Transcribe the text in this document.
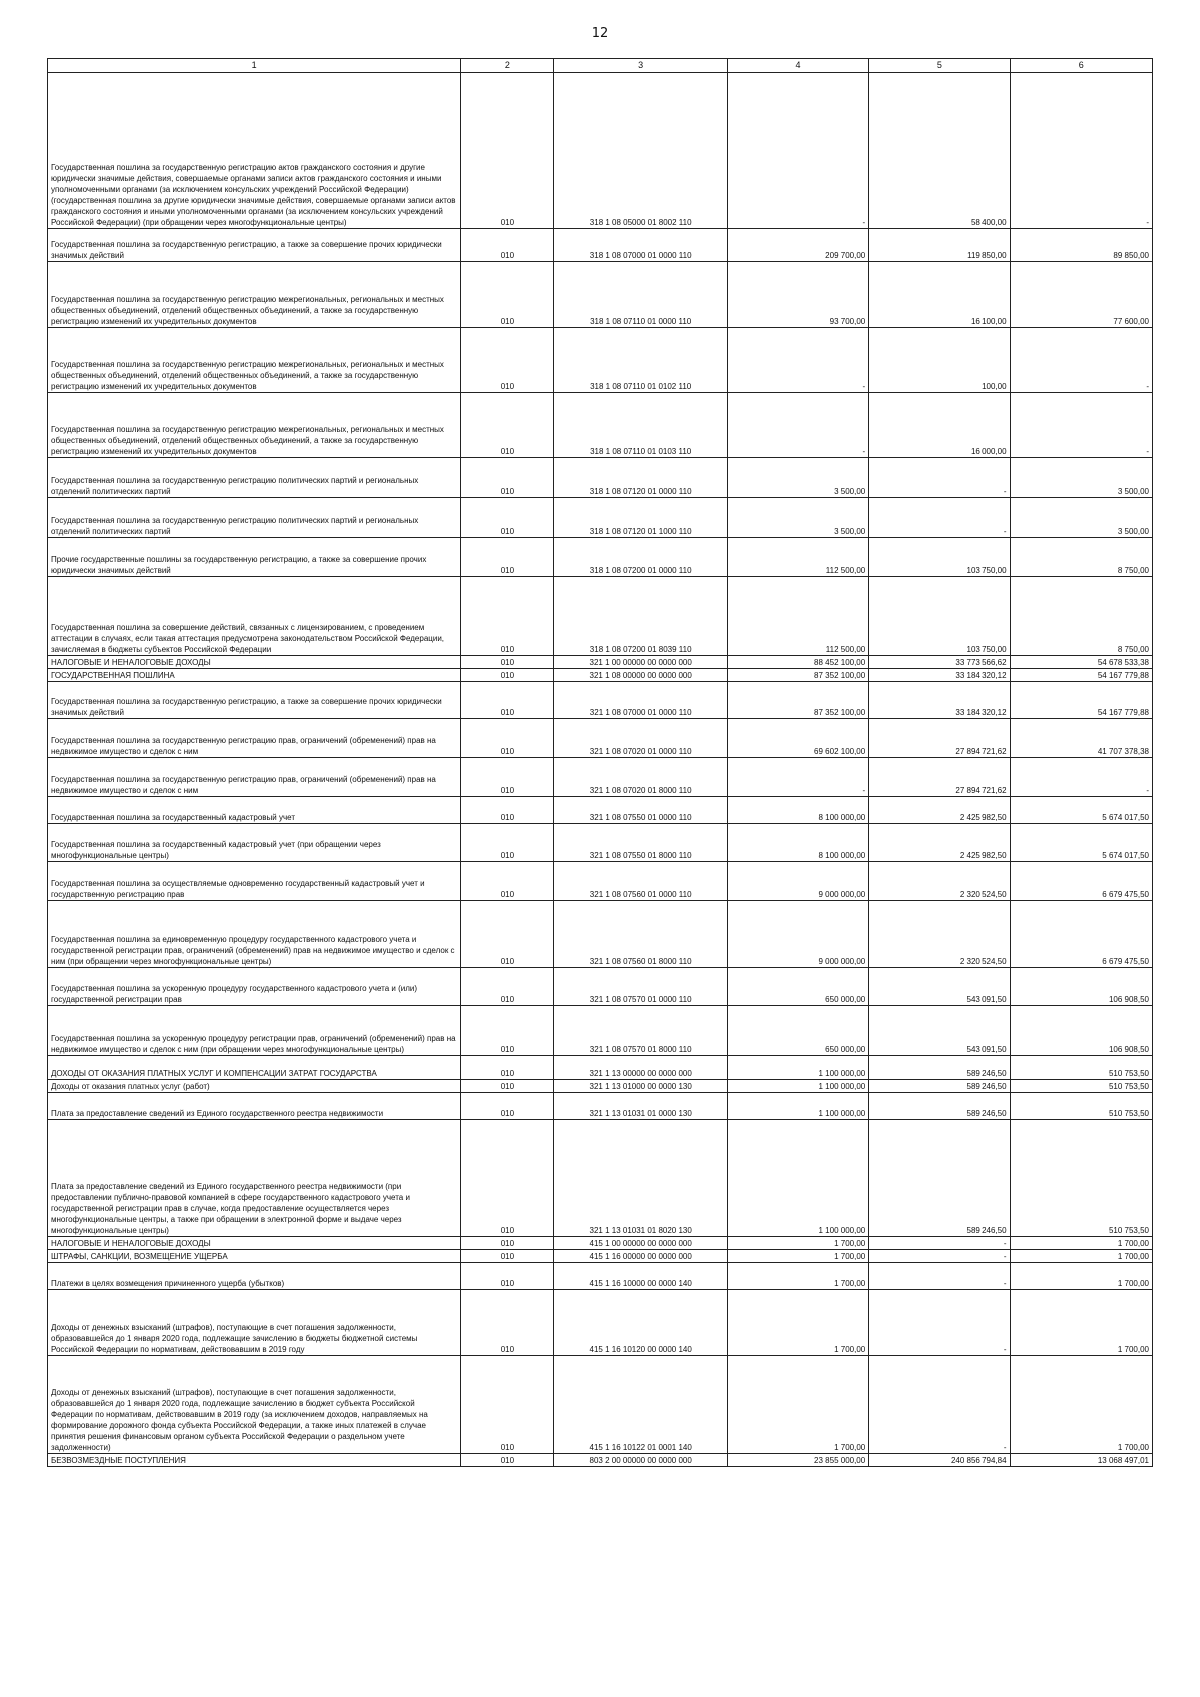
12
1	2	3	4	5	6
Государственная пошлина за государственную регистрацию актов гражданского состояния и другие юридически значимые действия, совершаемые органами записи актов гражданского состояния и иными уполномоченными органами (за исключением консульских учреждений Российской Федерации) (государственная пошлина за другие юридически значимые действия, совершаемые органами записи актов гражданского состояния и иными уполномоченными органами (за исключением консульских учреждений Российской Федерации) (при обращении через многофункциональные центры)	010	318 1 08 05000 01 8002 110	-	58 400,00	-
Государственная пошлина за государственную регистрацию, а также за совершение прочих юридически значимых действий	010	318 1 08 07000 01 0000 110	209 700,00	119 850,00	89 850,00
Государственная пошлина за государственную регистрацию межрегиональных, региональных и местных общественных объединений, отделений общественных объединений, а также за государственную регистрацию изменений их учредительных документов	010	318 1 08 07110 01 0000 110	93 700,00	16 100,00	77 600,00
Государственная пошлина за государственную регистрацию межрегиональных, региональных и местных общественных объединений, отделений общественных объединений, а также за государственную регистрацию изменений их учредительных документов	010	318 1 08 07110 01 0102 110	-	100,00	-
Государственная пошлина за государственную регистрацию межрегиональных, региональных и местных общественных объединений, отделений общественных объединений, а также за государственную регистрацию изменений их учредительных документов	010	318 1 08 07110 01 0103 110	-	16 000,00	-
Государственная пошлина за государственную регистрацию политических партий и региональных отделений политических партий	010	318 1 08 07120 01 0000 110	3 500,00	-	3 500,00
Государственная пошлина за государственную регистрацию политических партий и региональных отделений политических партий	010	318 1 08 07120 01 1000 110	3 500,00	-	3 500,00
Прочие государственные пошлины за государственную регистрацию, а также за совершение прочих юридически значимых действий	010	318 1 08 07200 01 0000 110	112 500,00	103 750,00	8 750,00
Государственная пошлина за совершение действий, связанных с лицензированием, с проведением аттестации в случаях, если такая аттестация предусмотрена законодательством Российской Федерации, зачисляемая в бюджеты субъектов Российской Федерации	010	318 1 08 07200 01 8039 110	112 500,00	103 750,00	8 750,00
НАЛОГОВЫЕ И НЕНАЛОГОВЫЕ ДОХОДЫ	010	321 1 00 00000 00 0000 000	88 452 100,00	33 773 566,62	54 678 533,38
ГОСУДАРСТВЕННАЯ ПОШЛИНА	010	321 1 08 00000 00 0000 000	87 352 100,00	33 184 320,12	54 167 779,88
Государственная пошлина за государственную регистрацию, а также за совершение прочих юридически значимых действий	010	321 1 08 07000 01 0000 110	87 352 100,00	33 184 320,12	54 167 779,88
Государственная пошлина за государственную регистрацию прав, ограничений (обременений) прав на недвижимое имущество и сделок с ним	010	321 1 08 07020 01 0000 110	69 602 100,00	27 894 721,62	41 707 378,38
Государственная пошлина за государственную регистрацию прав, ограничений (обременений) прав на недвижимое имущество и сделок с ним	010	321 1 08 07020 01 8000 110	-	27 894 721,62	-
Государственная пошлина за государственный кадастровый учет	010	321 1 08 07550 01 0000 110	8 100 000,00	2 425 982,50	5 674 017,50
Государственная пошлина за государственный кадастровый учет (при обращении через многофункциональные центры)	010	321 1 08 07550 01 8000 110	8 100 000,00	2 425 982,50	5 674 017,50
Государственная пошлина за осуществляемые одновременно государственный кадастровый учет и государственную регистрацию прав	010	321 1 08 07560 01 0000 110	9 000 000,00	2 320 524,50	6 679 475,50
Государственная пошлина за единовременную процедуру государственного кадастрового учета и государственной регистрации прав, ограничений (обременений) прав на недвижимое имущество и сделок с ним (при обращении через многофункциональные центры)	010	321 1 08 07560 01 8000 110	9 000 000,00	2 320 524,50	6 679 475,50
Государственная пошлина за ускоренную процедуру государственного кадастрового учета и (или) государственной регистрации прав	010	321 1 08 07570 01 0000 110	650 000,00	543 091,50	106 908,50
Государственная пошлина за ускоренную процедуру регистрации прав, ограничений (обременений) прав на недвижимое имущество и сделок с ним (при обращении через многофункциональные центры)	010	321 1 08 07570 01 8000 110	650 000,00	543 091,50	106 908,50
ДОХОДЫ ОТ ОКАЗАНИЯ ПЛАТНЫХ УСЛУГ И КОМПЕНСАЦИИ ЗАТРАТ ГОСУДАРСТВА	010	321 1 13 00000 00 0000 000	1 100 000,00	589 246,50	510 753,50
Доходы от оказания платных услуг (работ)	010	321 1 13 01000 00 0000 130	1 100 000,00	589 246,50	510 753,50
Плата за предоставление сведений из Единого государственного реестра недвижимости	010	321 1 13 01031 01 0000 130	1 100 000,00	589 246,50	510 753,50
Плата за предоставление сведений из Единого государственного реестра недвижимости (при предоставлении публично-правовой компанией в сфере государственного кадастрового учета и государственной регистрации прав в случае, когда предоставление осуществляется через многофункциональные центры, а также при обращении в электронной форме и выдаче через многофункциональные центры)	010	321 1 13 01031 01 8020 130	1 100 000,00	589 246,50	510 753,50
НАЛОГОВЫЕ И НЕНАЛОГОВЫЕ ДОХОДЫ	010	415 1 00 00000 00 0000 000	1 700,00	-	1 700,00
ШТРАФЫ, САНКЦИИ, ВОЗМЕЩЕНИЕ УЩЕРБА	010	415 1 16 00000 00 0000 000	1 700,00	-	1 700,00
Платежи в целях возмещения причиненного ущерба (убытков)	010	415 1 16 10000 00 0000 140	1 700,00	-	1 700,00
Доходы от денежных взысканий (штрафов), поступающие в счет погашения задолженности, образовавшейся до 1 января 2020 года, подлежащие зачислению в бюджеты бюджетной системы Российской Федерации по нормативам, действовавшим в 2019 году	010	415 1 16 10120 00 0000 140	1 700,00	-	1 700,00
Доходы от денежных взысканий (штрафов), поступающие в счет погашения задолженности, образовавшейся до 1 января 2020 года, подлежащие зачислению в бюджет субъекта Российской Федерации по нормативам, действовавшим в 2019 году (за исключением доходов, направляемых на формирование дорожного фонда субъекта Российской Федерации, а также иных платежей в случае принятия решения финансовым органом субъекта Российской Федерации о раздельном учете задолженности)	010	415 1 16 10122 01 0001 140	1 700,00	-	1 700,00
БЕЗВОЗМЕЗДНЫЕ ПОСТУПЛЕНИЯ	010	803 2 00 00000 00 0000 000	23 855 000,00	240 856 794,84	13 068 497,01
